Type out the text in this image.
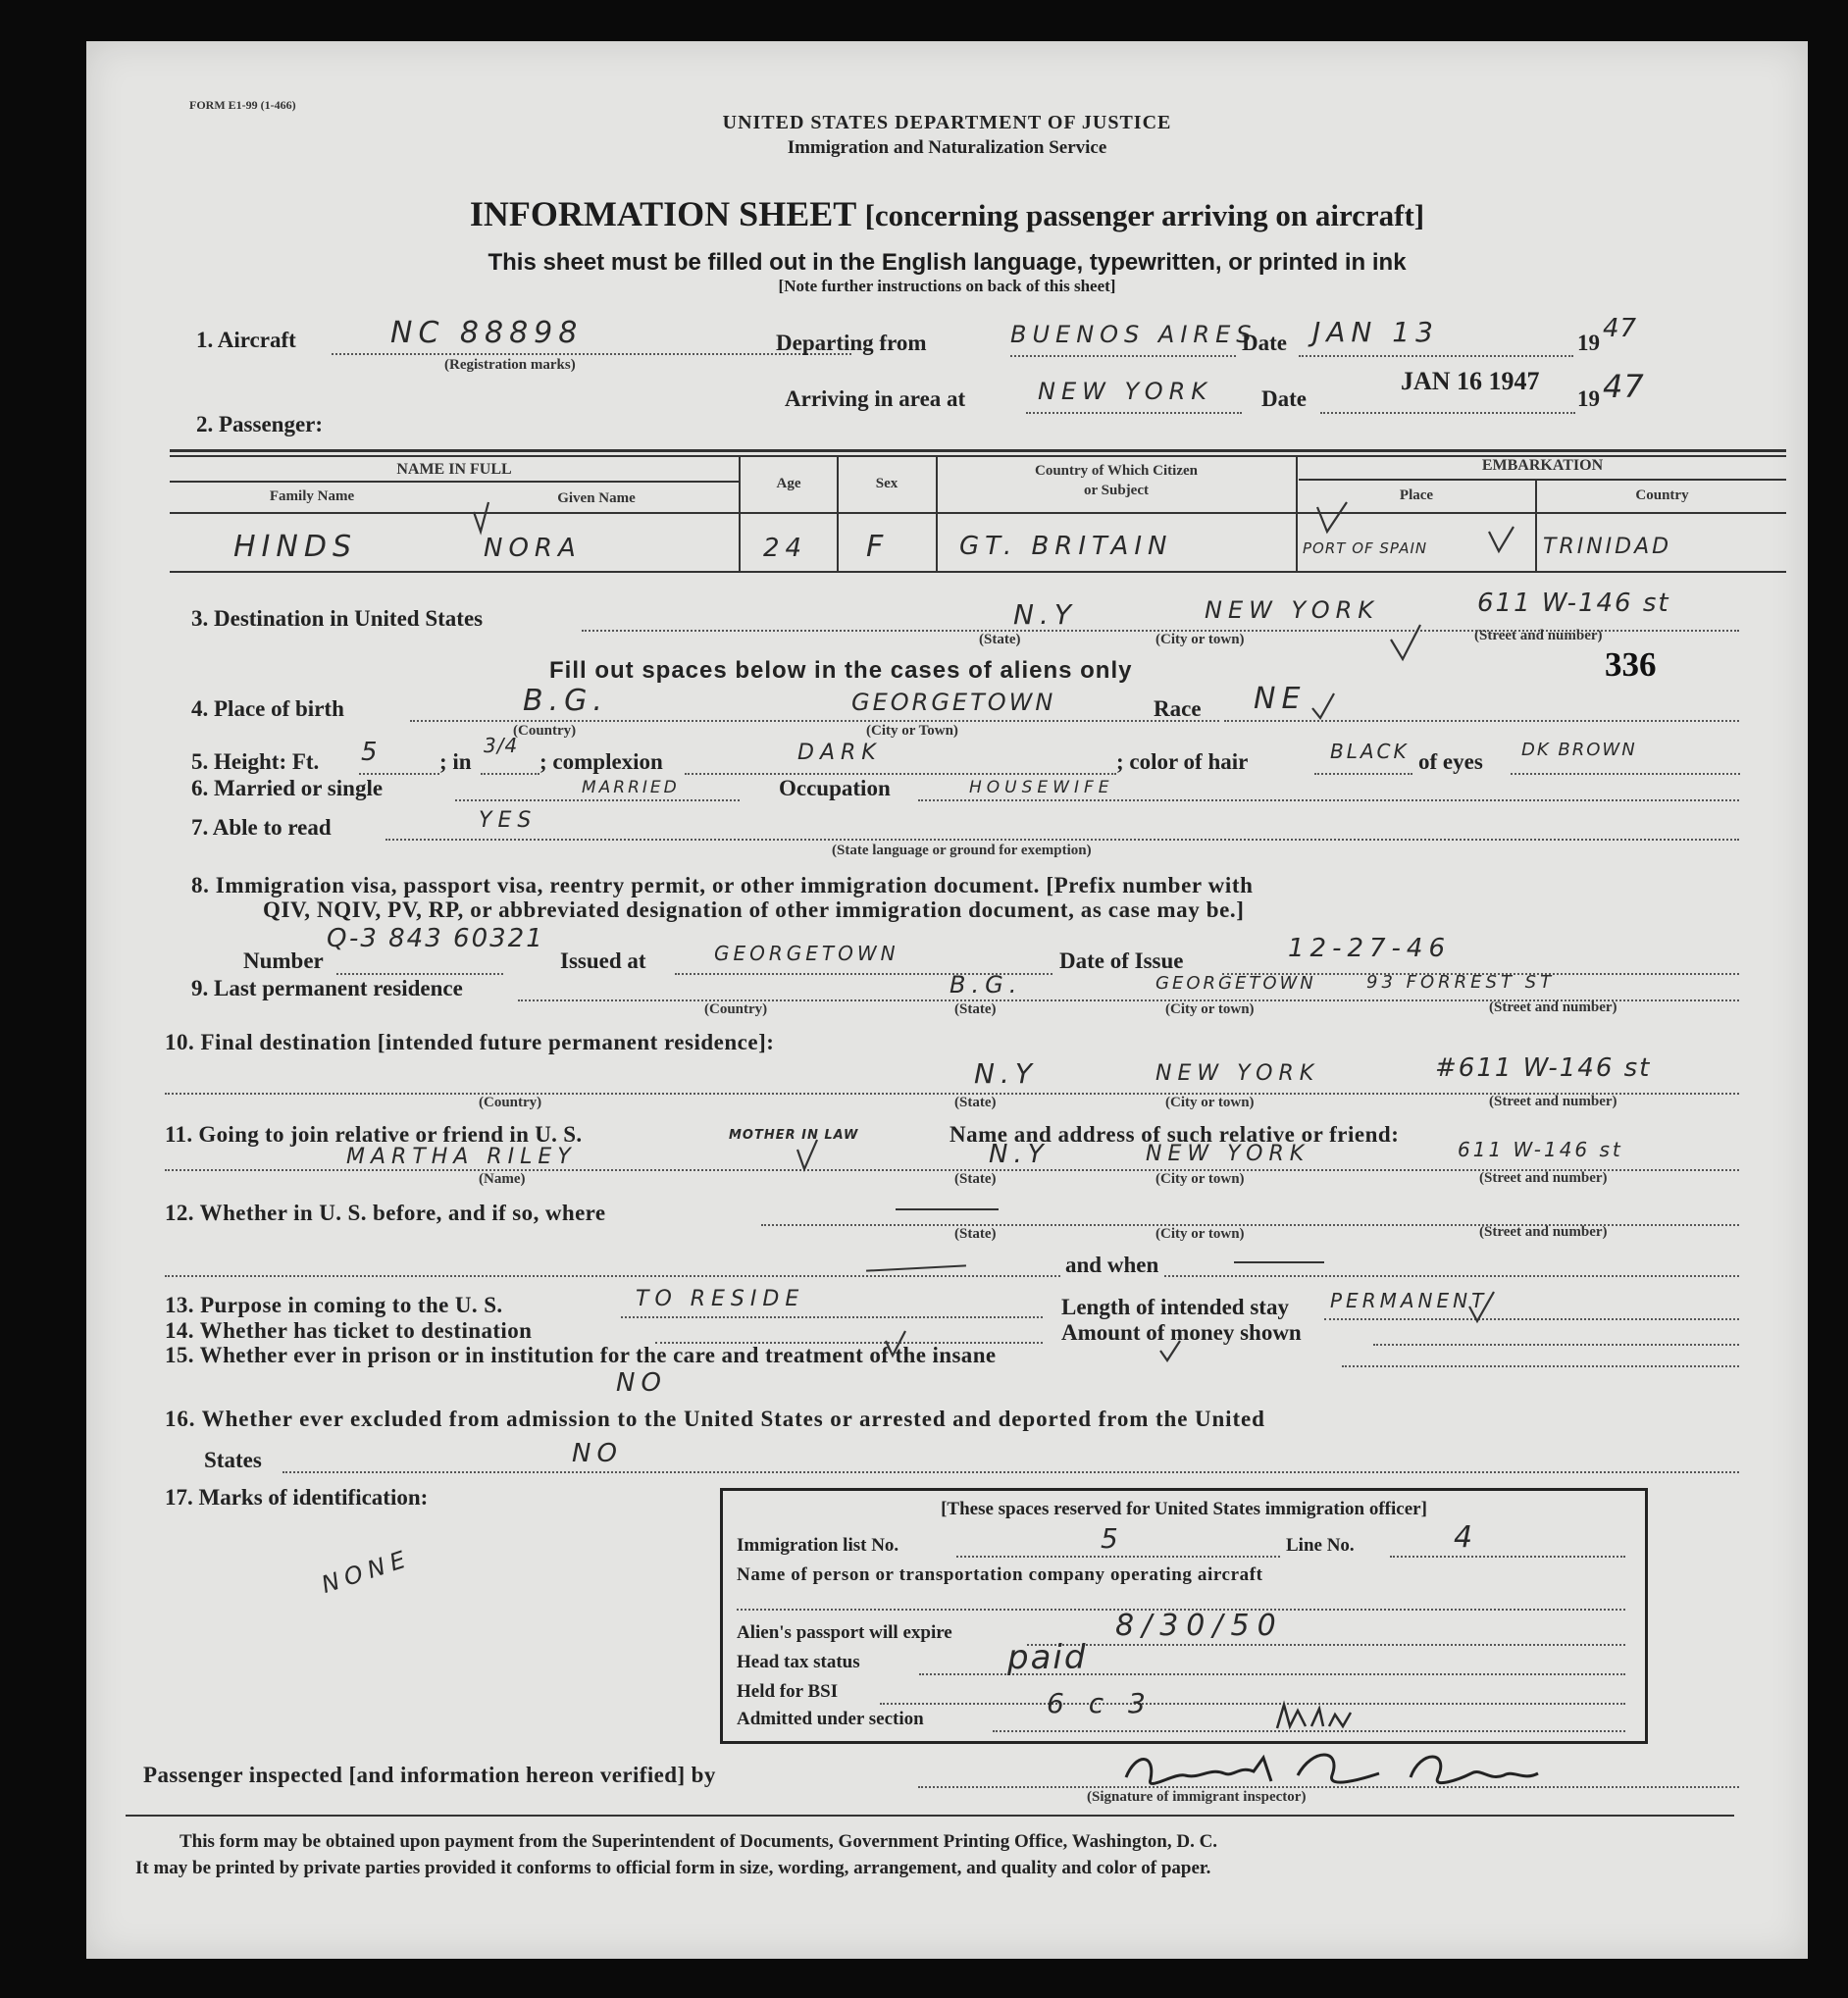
FORM E1-99 (1-466)
UNITED STATES DEPARTMENT OF JUSTICE
Immigration and Naturalization Service
INFORMATION SHEET [concerning passenger arriving on aircraft]
This sheet must be filled out in the English language, typewritten, or printed in ink
[Note further instructions on back of this sheet]
1. Aircraft	NC 88898
(Registration marks)
Departing from	BUENOS AIRES
Date JAN 13	19 47
Arriving in area at	NEW YORK Date
JAN 16 1947
19 47
2. Passenger:
NAME IN FULL
Family Name	Given Name
Age	Sex
Country of Which Citizen
or Subject
EMBARKATION
Place	Country
HINDS	NORA	24 F	GT. BRITAIN	PORT OF SPAIN	TRINIDAD
3. Destination in United States	N.Y	NEW YORK	611 W-146 st
(State)	(City or town)	(Street and number)
336
Fill out spaces below in the cases of aliens only
4. Place of birth	B.G.	GEORGETOWN
(Country)	(City or Town)
Race NE
5. Height: Ft. 5 ; in
3/4
; complexion	DARK	; color of hair	BLACK of eyes DK BROWN
6. Married or single	MARRIED	Occupation	HOUSEWIFE
7. Able to read	YES
(State language or ground for exemption)
8. Immigration visa, passport visa, reentry permit, or other immigration document. [Prefix number with
QIV, NQIV, PV, RP, or abbreviated designation of other immigration document, as case may be.]
Number
Q-3 843 60321
Issued at	GEORGETOWN	Date of Issue	12-27-46
9. Last permanent residence	B.G.	GEORGETOWN	93 FORREST ST
(Country)	(State)	(City or town)	(Street and number)
10. Final destination [intended future permanent residence]:
N.Y	NEW YORK	#611 W-146 st
(Country)	(State)	(City or town)	(Street and number)
11. Going to join relative or friend in U. S.	MOTHER IN LAW	Name and address of such relative or friend:
MARTHA RILEY	N.Y	NEW YORK	611 W-146 st
(Name)	(State)	(City or town)	(Street and number)
12. Whether in U. S. before, and if so, where
(State)	(City or town)	(Street and number)
and when
13. Purpose in coming to the U. S.	TO RESIDE	Length of intended stay PERMANENT
14. Whether has ticket to destination	Amount of money shown
15. Whether ever in prison or in institution for the care and treatment of the insane
NO
16. Whether ever excluded from admission to the United States or arrested and deported from the United
States	NO
17. Marks of identification:
NONE
[These spaces reserved for United States immigration officer]
Immigration list No.	5	Line No.	4
Name of person or transportation company operating aircraft
Alien's passport will expire	8/30/50
Head tax status	paid
Held for BSI
Admitted under section	6 c 3
Passenger inspected [and information hereon verified] by
(Signature of immigrant inspector)
This form may be obtained upon payment from the Superintendent of Documents, Government Printing Office, Washington, D. C.
It may be printed by private parties provided it conforms to official form in size, wording, arrangement, and quality and color of paper.
